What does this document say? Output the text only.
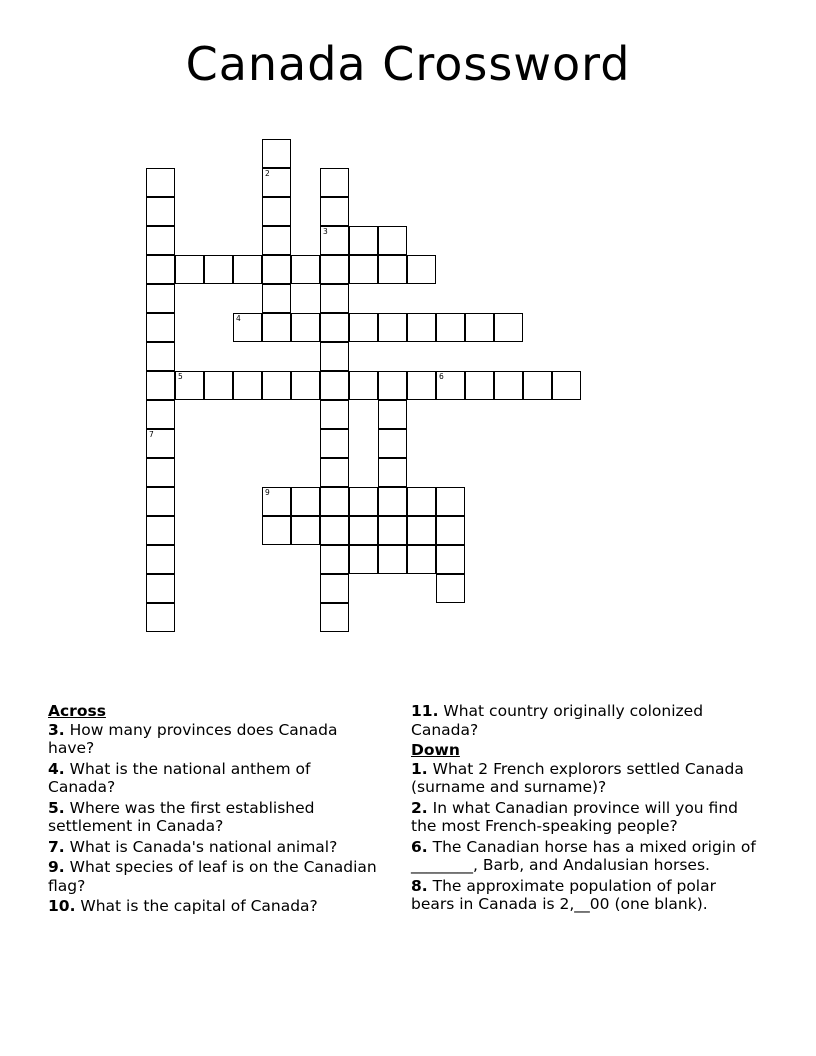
Canada Crossword
7
3
2
4
5	6
9
Across
3. How many provinces does Canada have?
4. What is the national anthem of Canada?
5. Where was the first established settlement in Canada?
7. What is Canada's national animal?
9. What species of leaf is on the Canadian flag?
10. What is the capital of Canada?
11. What country originally colonized Canada?
Down
1. What 2 French explorors settled Canada (surname and surname)?
2. In what Canadian province will you find the most French-speaking people?
6. The Canadian horse has a mixed origin of ________, Barb, and Andalusian horses.
8. The approximate population of polar bears in Canada is 2,__00 (one blank).
